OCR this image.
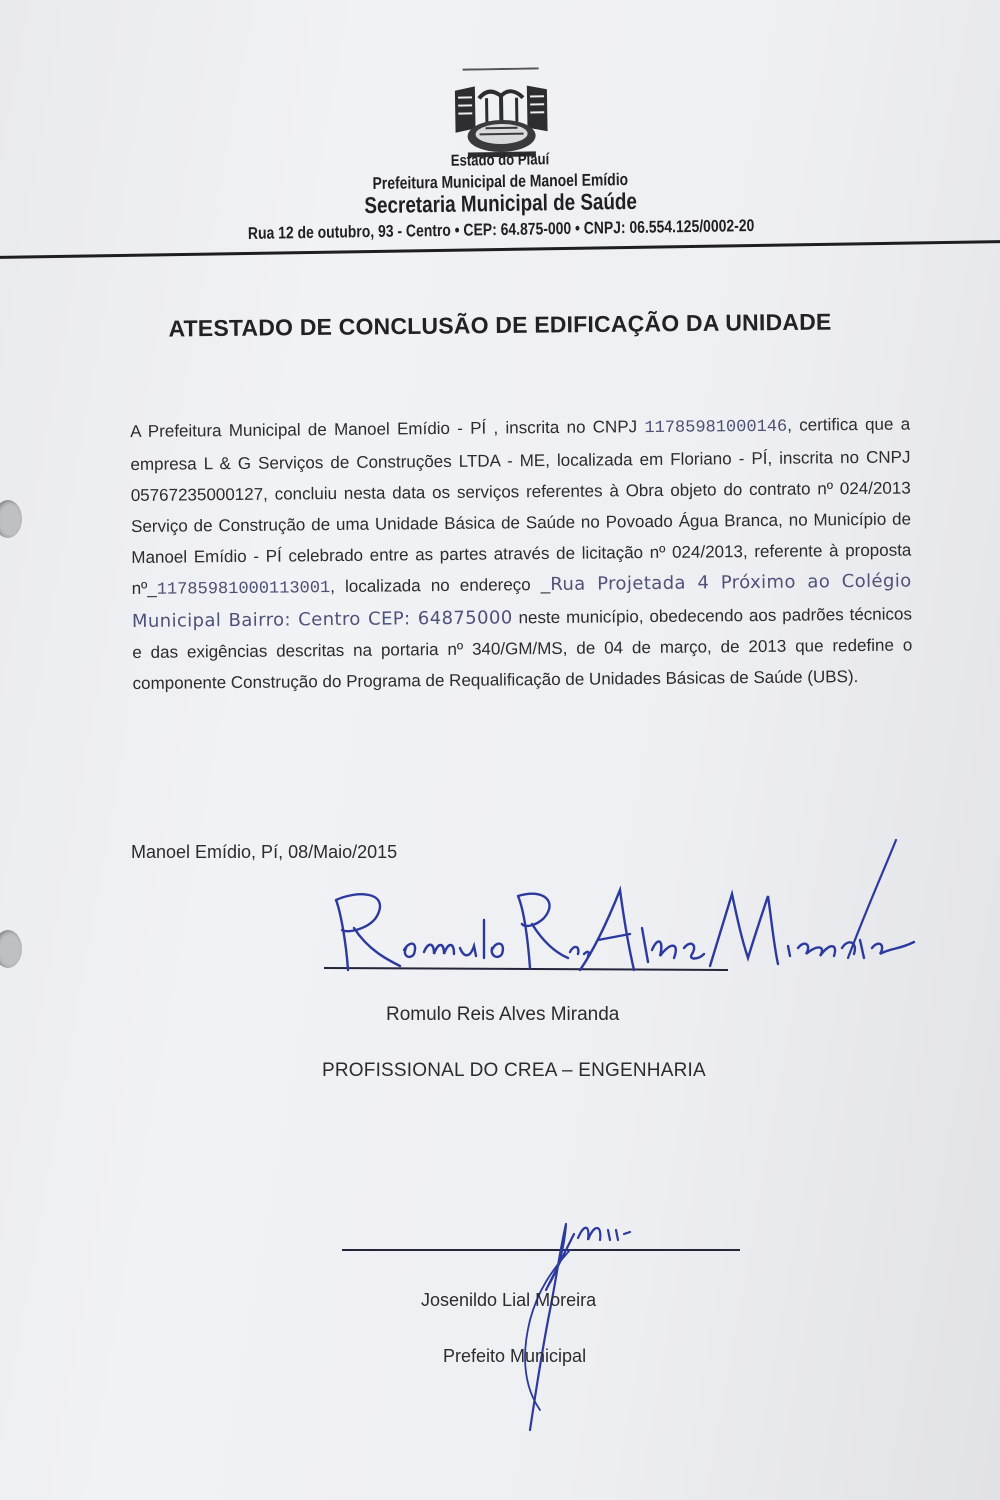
Estado do Piauí
Prefeitura Municipal de Manoel Emídio
Secretaria Municipal de Saúde
Rua 12 de outubro, 93 - Centro • CEP: 64.875-000 • CNPJ: 06.554.125/0002-20
ATESTADO DE CONCLUSÃO DE EDIFICAÇÃO DA UNIDADE
A Prefeitura Municipal de Manoel Emídio - PÍ , inscrita no CNPJ 11785981000146, certifica que a empresa L & G Serviços de Construções LTDA - ME, localizada em Floriano - PÍ, inscrita no CNPJ 05767235000127, concluiu nesta data os serviços referentes à Obra objeto do contrato nº 024/2013 Serviço de Construção de uma Unidade Básica de Saúde no Povoado Água Branca, no Município de Manoel Emídio - PÍ celebrado entre as partes através de licitação nº 024/2013, referente à proposta nº_11785981000113001, localizada no endereço _Rua Projetada 4 Próximo ao Colégio Municipal Bairro: Centro CEP: 64875000 neste município, obedecendo aos padrões técnicos e das exigências descritas na portaria nº 340/GM/MS, de 04 de março, de 2013 que redefine o componente Construção do Programa de Requalificação de Unidades Básicas de Saúde (UBS).
Manoel Emídio, Pí, 08/Maio/2015
Romulo Reis Alves Miranda
PROFISSIONAL DO CREA – ENGENHARIA
Josenildo Lial Moreira
Prefeito Municipal
